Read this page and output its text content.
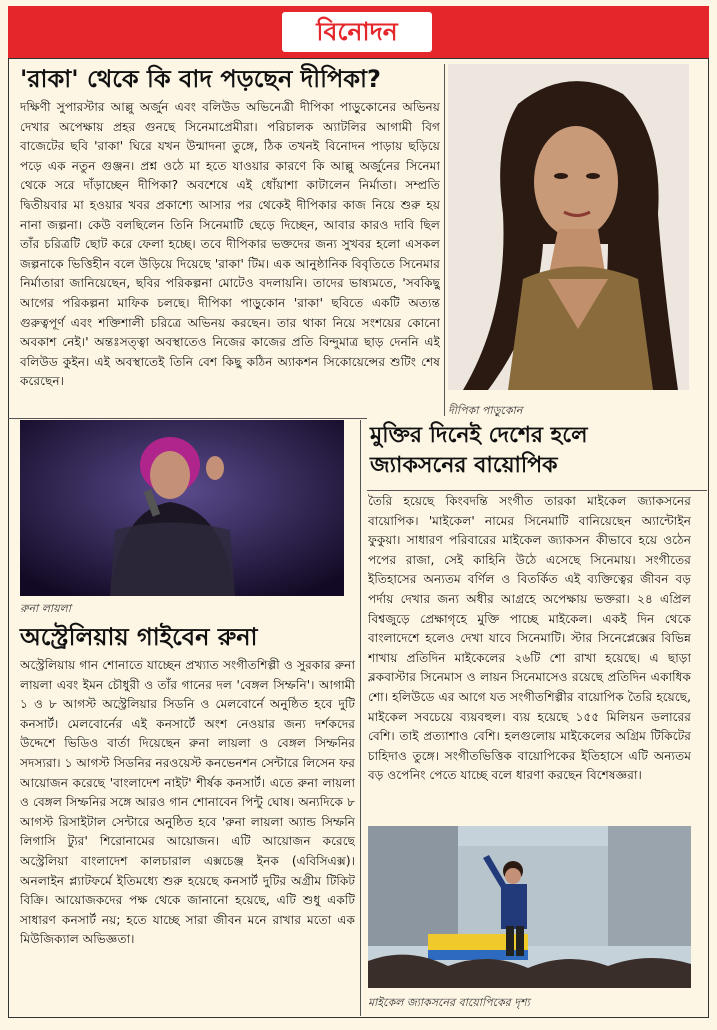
বিনোদন
'রাকা' থেকে কি বাদ পড়ছেন দীপিকা?
দক্ষিণী সুপারস্টার আল্লু অর্জুন এবং বলিউড অভিনেত্রী দীপিকা পাড়ুকোনের অভিনয় দেখার অপেক্ষায় প্রহর গুনছে সিনেমাপ্রেমীরা। পরিচালক অ্যাটলির আগামী বিগ বাজেটের ছবি 'রাকা' ঘিরে যখন উন্মাদনা তুঙ্গে, ঠিক তখনই বিনোদন পাড়ায় ছড়িয়ে পড়ে এক নতুন গুঞ্জন। প্রশ্ন ওঠে মা হতে যাওয়ার কারণে কি আল্লু অর্জুনের সিনেমা থেকে সরে দাঁড়াচ্ছেন দীপিকা? অবশেষে এই ধোঁয়াশা কাটালেন নির্মাতা। সম্প্রতি দ্বিতীয়বার মা হওয়ার খবর প্রকাশ্যে আসার পর থেকেই দীপিকার কাজ নিয়ে শুরু হয় নানা জল্পনা। কেউ বলছিলেন তিনি সিনেমাটি ছেড়ে দিচ্ছেন, আবার কারও দাবি ছিল তাঁর চরিত্রটি ছোট করে ফেলা হচ্ছে। তবে দীপিকার ভক্তদের জন্য সুখবর হলো এসকল জল্পনাকে ভিত্তিহীন বলে উড়িয়ে দিয়েছে 'রাকা' টিম। এক আনুষ্ঠানিক বিবৃতিতে সিনেমার নির্মাতারা জানিয়েছেন, ছবির পরিকল্পনা মোটেও বদলায়নি। তাদের ভাষ্যমতে, 'সবকিছু আগের পরিকল্পনা মাফিক চলছে। দীপিকা পাড়ুকোন 'রাকা' ছবিতে একটি অত্যন্ত গুরুত্বপূর্ণ এবং শক্তিশালী চরিত্রে অভিনয় করছেন। তার থাকা নিয়ে সংশয়ের কোনো অবকাশ নেই।' অন্তঃসত্ত্বা অবস্থাতেও নিজের কাজের প্রতি বিন্দুমাত্র ছাড় দেননি এই বলিউড কুইন। এই অবস্থাতেই তিনি বেশ কিছু কঠিন অ্যাকশন সিকোয়েন্সের শুটিং শেষ করেছেন।
দীপিকা পাড়ুকোন
রুনা লায়লা
অস্ট্রেলিয়ায় গাইবেন রুনা
অস্ট্রেলিয়ায় গান শোনাতে যাচ্ছেন প্রখ্যাত সংগীতশিল্পী ও সুরকার রুনা লায়লা এবং ইমন চৌধুরী ও তাঁর গানের দল 'বেঙ্গল সিম্ফনি'। আগামী ১ ও ৮ আগস্ট অস্ট্রেলিয়ার সিডনি ও মেলবোর্নে অনুষ্ঠিত হবে দুটি কনসার্ট। মেলবোর্নের এই কনসার্টে অংশ নেওয়ার জন্য দর্শকদের উদ্দেশে ভিডিও বার্তা দিয়েছেন রুনা লায়লা ও বেঙ্গল সিম্ফনির সদস্যরা। ১ আগস্ট সিডনির নরওয়েস্ট কনভেনশন সেন্টারে লিসেন ফর আয়োজন করেছে 'বাংলাদেশ নাইট' শীর্ষক কনসার্ট। এতে রুনা লায়লা ও বেঙ্গল সিম্ফনির সঙ্গে আরও গান শোনাবেন পিন্টু ঘোষ। অন্যদিকে ৮ আগস্ট রিসাইটাল সেন্টারে অনুষ্ঠিত হবে 'রুনা লায়লা অ্যান্ড সিম্ফনি লিগাসি ট্যুর' শিরোনামের আয়োজন। এটি আয়োজন করেছে অস্ট্রেলিয়া বাংলাদেশ কালচারাল এক্সচেঞ্জ ইনক (এবিসিএক্স)। অনলাইন প্ল্যাটফর্মে ইতিমধ্যে শুরু হয়েছে কনসার্ট দুটির অগ্রীম টিকিট বিক্রি। আয়োজকদের পক্ষ থেকে জানানো হয়েছে, এটি শুধু একটি সাধারণ কনসার্ট নয়; হতে যাচ্ছে সারা জীবন মনে রাখার মতো এক মিউজিক্যাল অভিজ্ঞতা।
মুক্তির দিনেই দেশের হলে
জ্যাকসনের বায়োপিক
তৈরি হয়েছে কিংবদন্তি সংগীত তারকা মাইকেল জ্যাকসনের বায়োপিক। 'মাইকেল' নামের সিনেমাটি বানিয়েছেন অ্যান্টোইন ফুকুয়া। সাধারণ পরিবারের মাইকেল জ্যাকসন কীভাবে হয়ে ওঠেন পপের রাজা, সেই কাহিনি উঠে এসেছে সিনেমায়। সংগীতের ইতিহাসের অন্যতম বর্ণিল ও বিতর্কিত এই ব্যক্তিত্বের জীবন বড় পর্দায় দেখার জন্য অধীর আগ্রহে অপেক্ষায় ভক্তরা। ২৪ এপ্রিল বিশ্বজুড়ে প্রেক্ষাগৃহে মুক্তি পাচ্ছে মাইকেল। একই দিন থেকে বাংলাদেশে হলেও দেখা যাবে সিনেমাটি। স্টার সিনেপ্লেক্সের বিভিন্ন শাখায় প্রতিদিন মাইকেলের ২৬টি শো রাখা হয়েছে। এ ছাড়া ব্লকবাস্টার সিনেমাস ও লায়ন সিনেমাসেও রয়েছে প্রতিদিন একাধিক শো। হলিউডে এর আগে যত সংগীতশিল্পীর বায়োপিক তৈরি হয়েছে, মাইকেল সবচেয়ে ব্যয়বহুল। ব্যয় হয়েছে ১৫৫ মিলিয়ন ডলারের বেশি। তাই প্রত্যাশাও বেশি। হলগুলোয় মাইকেলের অগ্রিম টিকিটের চাহিদাও তুঙ্গে। সংগীতভিত্তিক বায়োপিকের ইতিহাসে এটি অন্যতম বড় ওপেনিং পেতে যাচ্ছে বলে ধারণা করছেন বিশেষজ্ঞরা।
মাইকেল জ্যাকসনের বায়োপিকের দৃশ্য
